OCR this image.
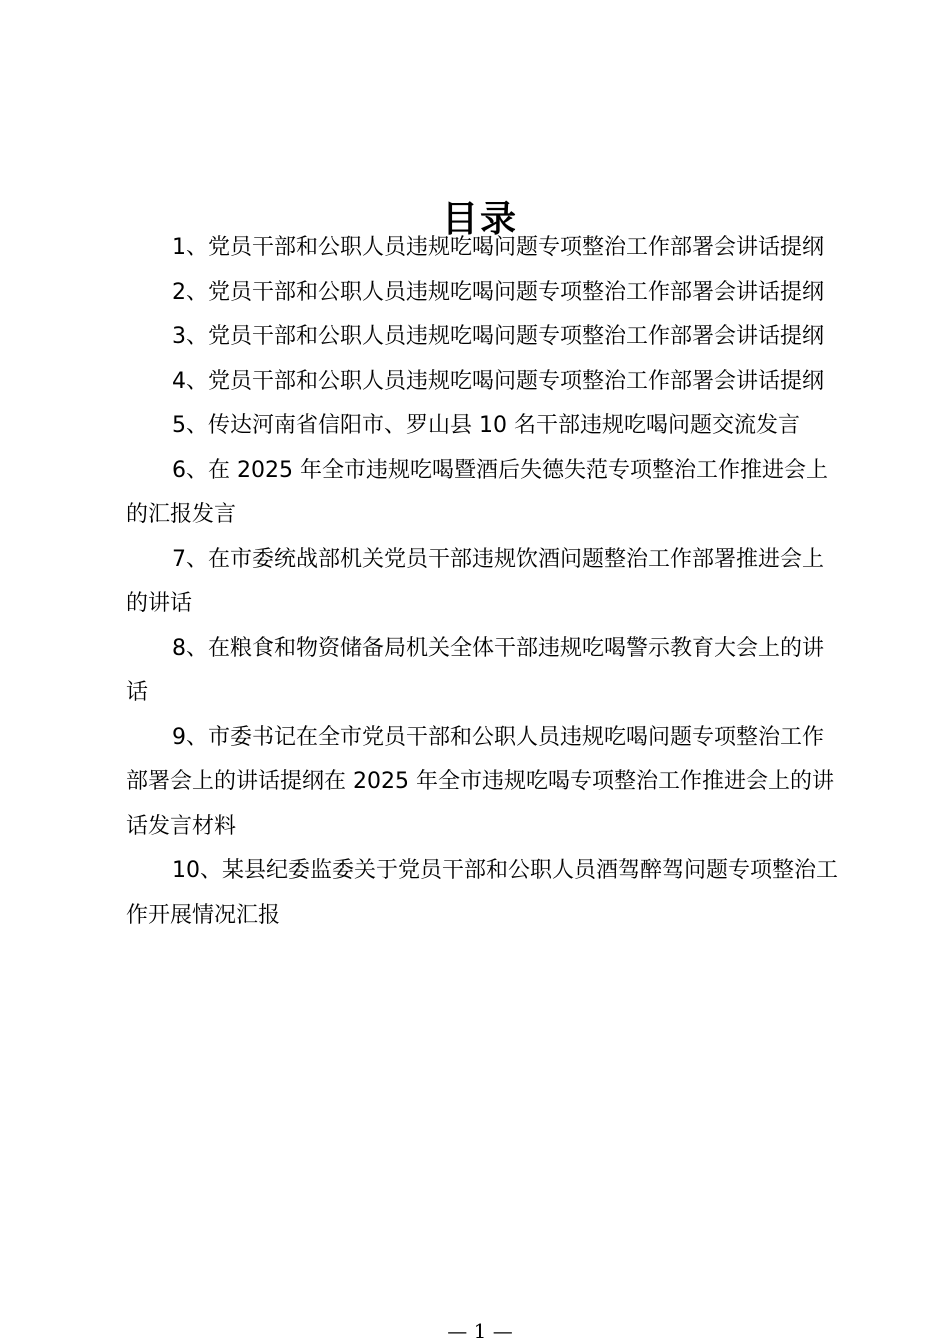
目录
1、党员干部和公职人员违规吃喝问题专项整治工作部署会讲话提纲
2、党员干部和公职人员违规吃喝问题专项整治工作部署会讲话提纲
3、党员干部和公职人员违规吃喝问题专项整治工作部署会讲话提纲
4、党员干部和公职人员违规吃喝问题专项整治工作部署会讲话提纲
5、传达河南省信阳市、罗山县 10 名干部违规吃喝问题交流发言
6、在 2025 年全市违规吃喝暨酒后失德失范专项整治工作推进会上的汇报发言
7、在市委统战部机关党员干部违规饮酒问题整治工作部署推进会上的讲话
8、在粮食和物资储备局机关全体干部违规吃喝警示教育大会上的讲话
9、市委书记在全市党员干部和公职人员违规吃喝问题专项整治工作部署会上的讲话提纲在 2025 年全市违规吃喝专项整治工作推进会上的讲话发言材料
10、某县纪委监委关于党员干部和公职人员酒驾醉驾问题专项整治工作开展情况汇报
— 1 —
